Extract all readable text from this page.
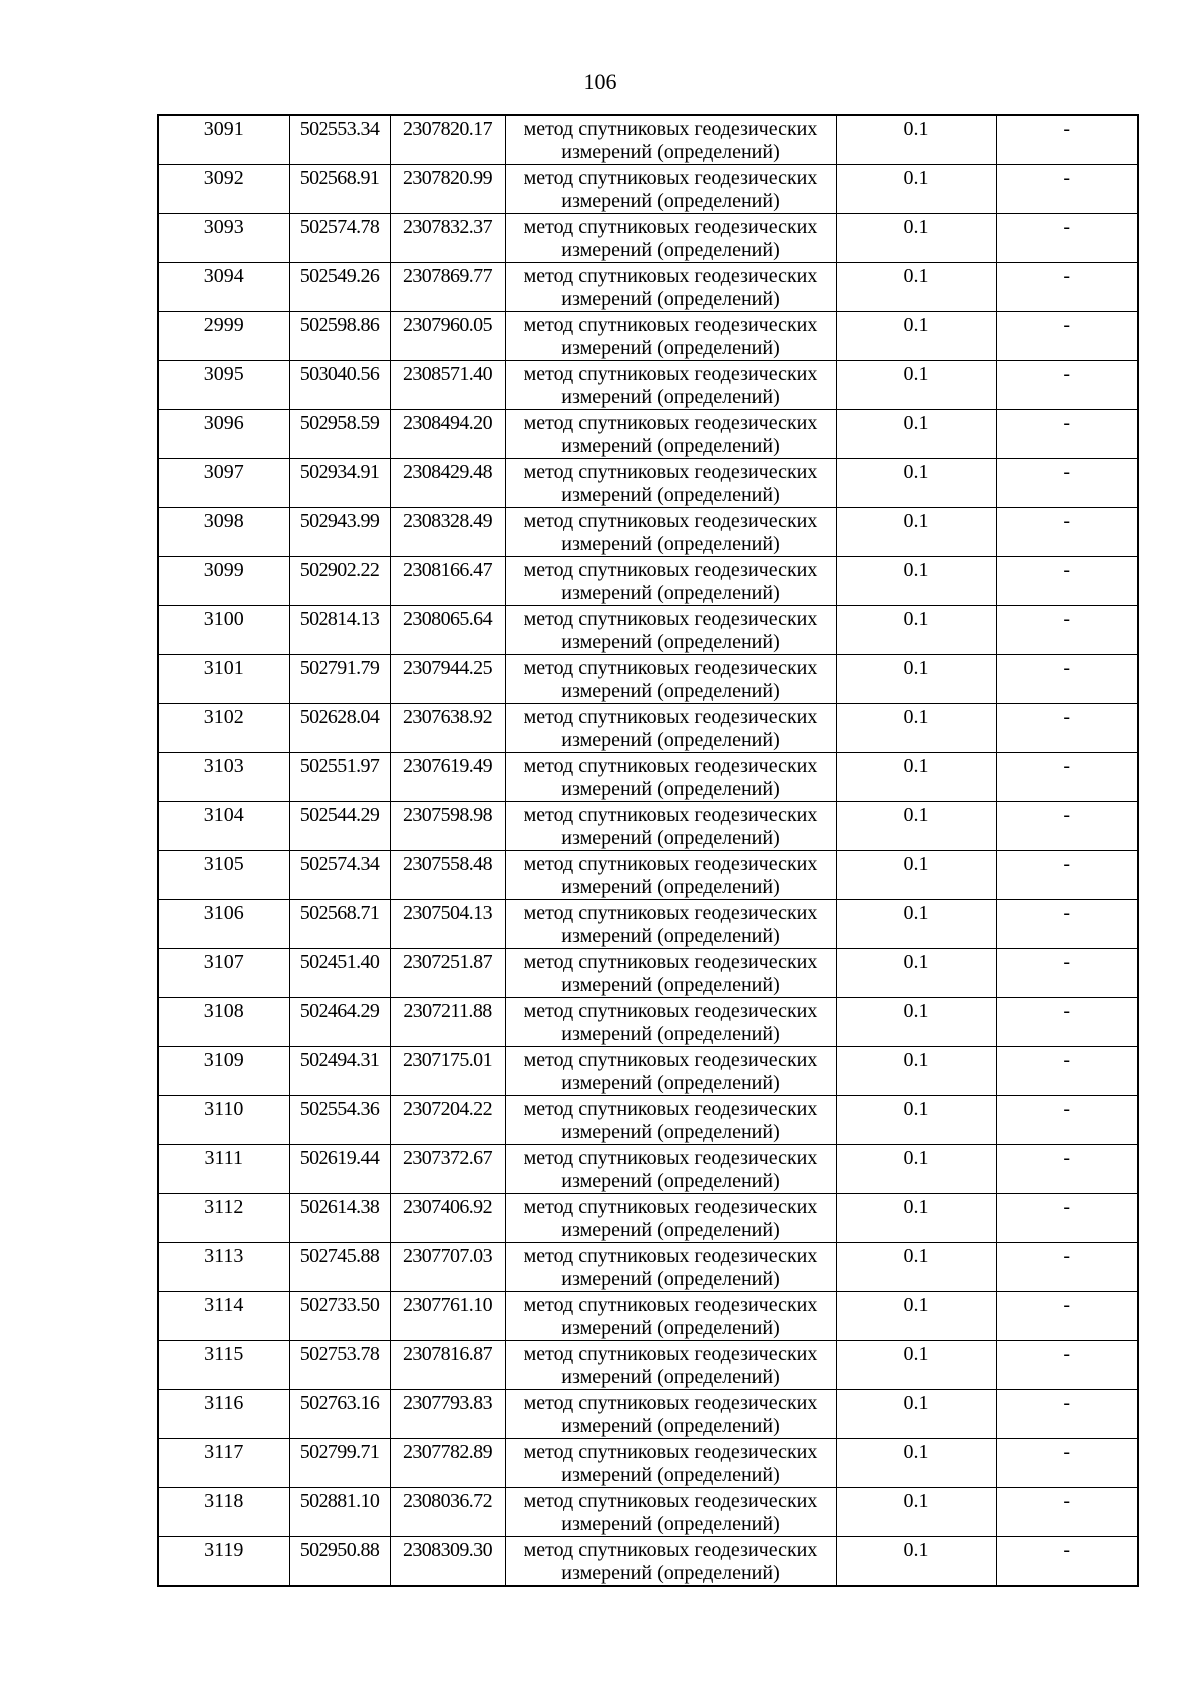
106
3091	502553.34	2307820.17	метод спутниковых геодезических
измерений (определений)	0.1	-
3092	502568.91	2307820.99	метод спутниковых геодезических
измерений (определений)	0.1	-
3093	502574.78	2307832.37	метод спутниковых геодезических
измерений (определений)	0.1	-
3094	502549.26	2307869.77	метод спутниковых геодезических
измерений (определений)	0.1	-
2999	502598.86	2307960.05	метод спутниковых геодезических
измерений (определений)	0.1	-
3095	503040.56	2308571.40	метод спутниковых геодезических
измерений (определений)	0.1	-
3096	502958.59	2308494.20	метод спутниковых геодезических
измерений (определений)	0.1	-
3097	502934.91	2308429.48	метод спутниковых геодезических
измерений (определений)	0.1	-
3098	502943.99	2308328.49	метод спутниковых геодезических
измерений (определений)	0.1	-
3099	502902.22	2308166.47	метод спутниковых геодезических
измерений (определений)	0.1	-
3100	502814.13	2308065.64	метод спутниковых геодезических
измерений (определений)	0.1	-
3101	502791.79	2307944.25	метод спутниковых геодезических
измерений (определений)	0.1	-
3102	502628.04	2307638.92	метод спутниковых геодезических
измерений (определений)	0.1	-
3103	502551.97	2307619.49	метод спутниковых геодезических
измерений (определений)	0.1	-
3104	502544.29	2307598.98	метод спутниковых геодезических
измерений (определений)	0.1	-
3105	502574.34	2307558.48	метод спутниковых геодезических
измерений (определений)	0.1	-
3106	502568.71	2307504.13	метод спутниковых геодезических
измерений (определений)	0.1	-
3107	502451.40	2307251.87	метод спутниковых геодезических
измерений (определений)	0.1	-
3108	502464.29	2307211.88	метод спутниковых геодезических
измерений (определений)	0.1	-
3109	502494.31	2307175.01	метод спутниковых геодезических
измерений (определений)	0.1	-
3110	502554.36	2307204.22	метод спутниковых геодезических
измерений (определений)	0.1	-
3111	502619.44	2307372.67	метод спутниковых геодезических
измерений (определений)	0.1	-
3112	502614.38	2307406.92	метод спутниковых геодезических
измерений (определений)	0.1	-
3113	502745.88	2307707.03	метод спутниковых геодезических
измерений (определений)	0.1	-
3114	502733.50	2307761.10	метод спутниковых геодезических
измерений (определений)	0.1	-
3115	502753.78	2307816.87	метод спутниковых геодезических
измерений (определений)	0.1	-
3116	502763.16	2307793.83	метод спутниковых геодезических
измерений (определений)	0.1	-
3117	502799.71	2307782.89	метод спутниковых геодезических
измерений (определений)	0.1	-
3118	502881.10	2308036.72	метод спутниковых геодезических
измерений (определений)	0.1	-
3119	502950.88	2308309.30	метод спутниковых геодезических
измерений (определений)	0.1	-
